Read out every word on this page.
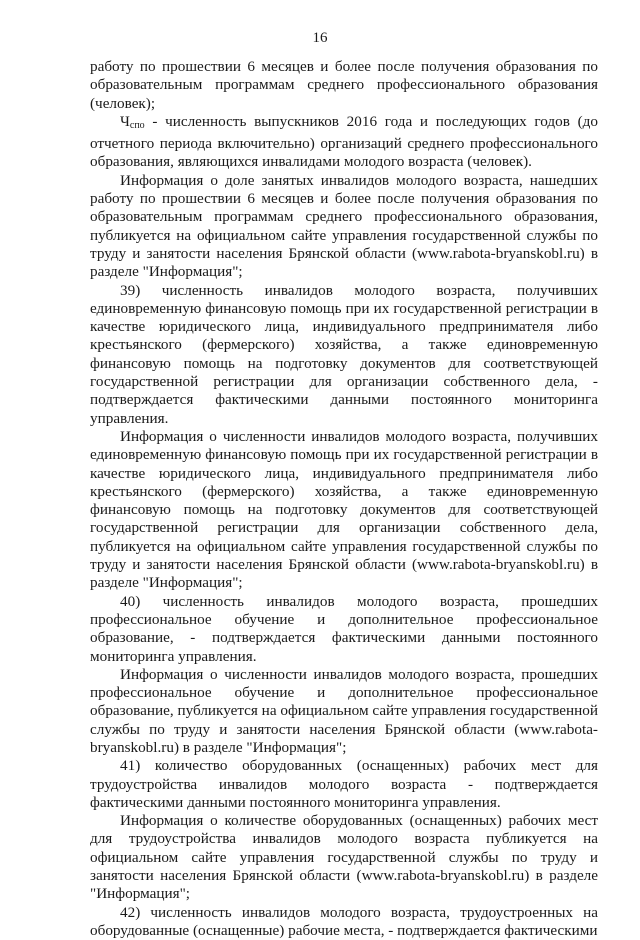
16

работу по прошествии 6 месяцев и более после получения образования по образовательным программам среднего профессионального образования (человек);

$Ч_{спо}$ - численность выпускников 2016 года и последующих годов (до отчетного периода включительно) организаций среднего профессионального образования, являющихся инвалидами молодого возраста (человек).

Информация о доле занятых инвалидов молодого возраста, нашедших работу по прошествии 6 месяцев и более после получения образования по образовательным программам среднего профессионального образования, публикуется на официальном сайте управления государственной службы по труду и занятости населения Брянской области (www.rabota-bryanskobl.ru) в разделе "Информация";

39) численность инвалидов молодого возраста, получивших единовременную финансовую помощь при их государственной регистрации в качестве юридического лица, индивидуального предпринимателя либо крестьянского (фермерского) хозяйства, а также единовременную финансовую помощь на подготовку документов для соответствующей государственной регистрации для организации собственного дела, - подтверждается фактическими данными постоянного мониторинга управления.

Информация о численности инвалидов молодого возраста, получивших единовременную финансовую помощь при их государственной регистрации в качестве юридического лица, индивидуального предпринимателя либо крестьянского (фермерского) хозяйства, а также единовременную финансовую помощь на подготовку документов для соответствующей государственной регистрации для организации собственного дела, публикуется на официальном сайте управления государственной службы по труду и занятости населения Брянской области (www.rabota-bryanskobl.ru) в разделе "Информация";

40) численность инвалидов молодого возраста, прошедших профессиональное обучение и дополнительное профессиональное образование, - подтверждается фактическими данными постоянного мониторинга управления.

Информация о численности инвалидов молодого возраста, прошедших профессиональное обучение и дополнительное профессиональное образование, публикуется на официальном сайте управления государственной службы по труду и занятости населения Брянской области (www.rabota-bryanskobl.ru) в разделе "Информация";

41) количество оборудованных (оснащенных) рабочих мест для трудоустройства инвалидов молодого возраста - подтверждается фактическими данными постоянного мониторинга управления.

Информация о количестве оборудованных (оснащенных) рабочих мест для трудоустройства инвалидов молодого возраста публикуется на официальном сайте управления государственной службы по труду и занятости населения Брянской области (www.rabota-bryanskobl.ru) в разделе "Информация";

42) численность инвалидов молодого возраста, трудоустроенных на оборудованные (оснащенные) рабочие места, - подтверждается фактическими
